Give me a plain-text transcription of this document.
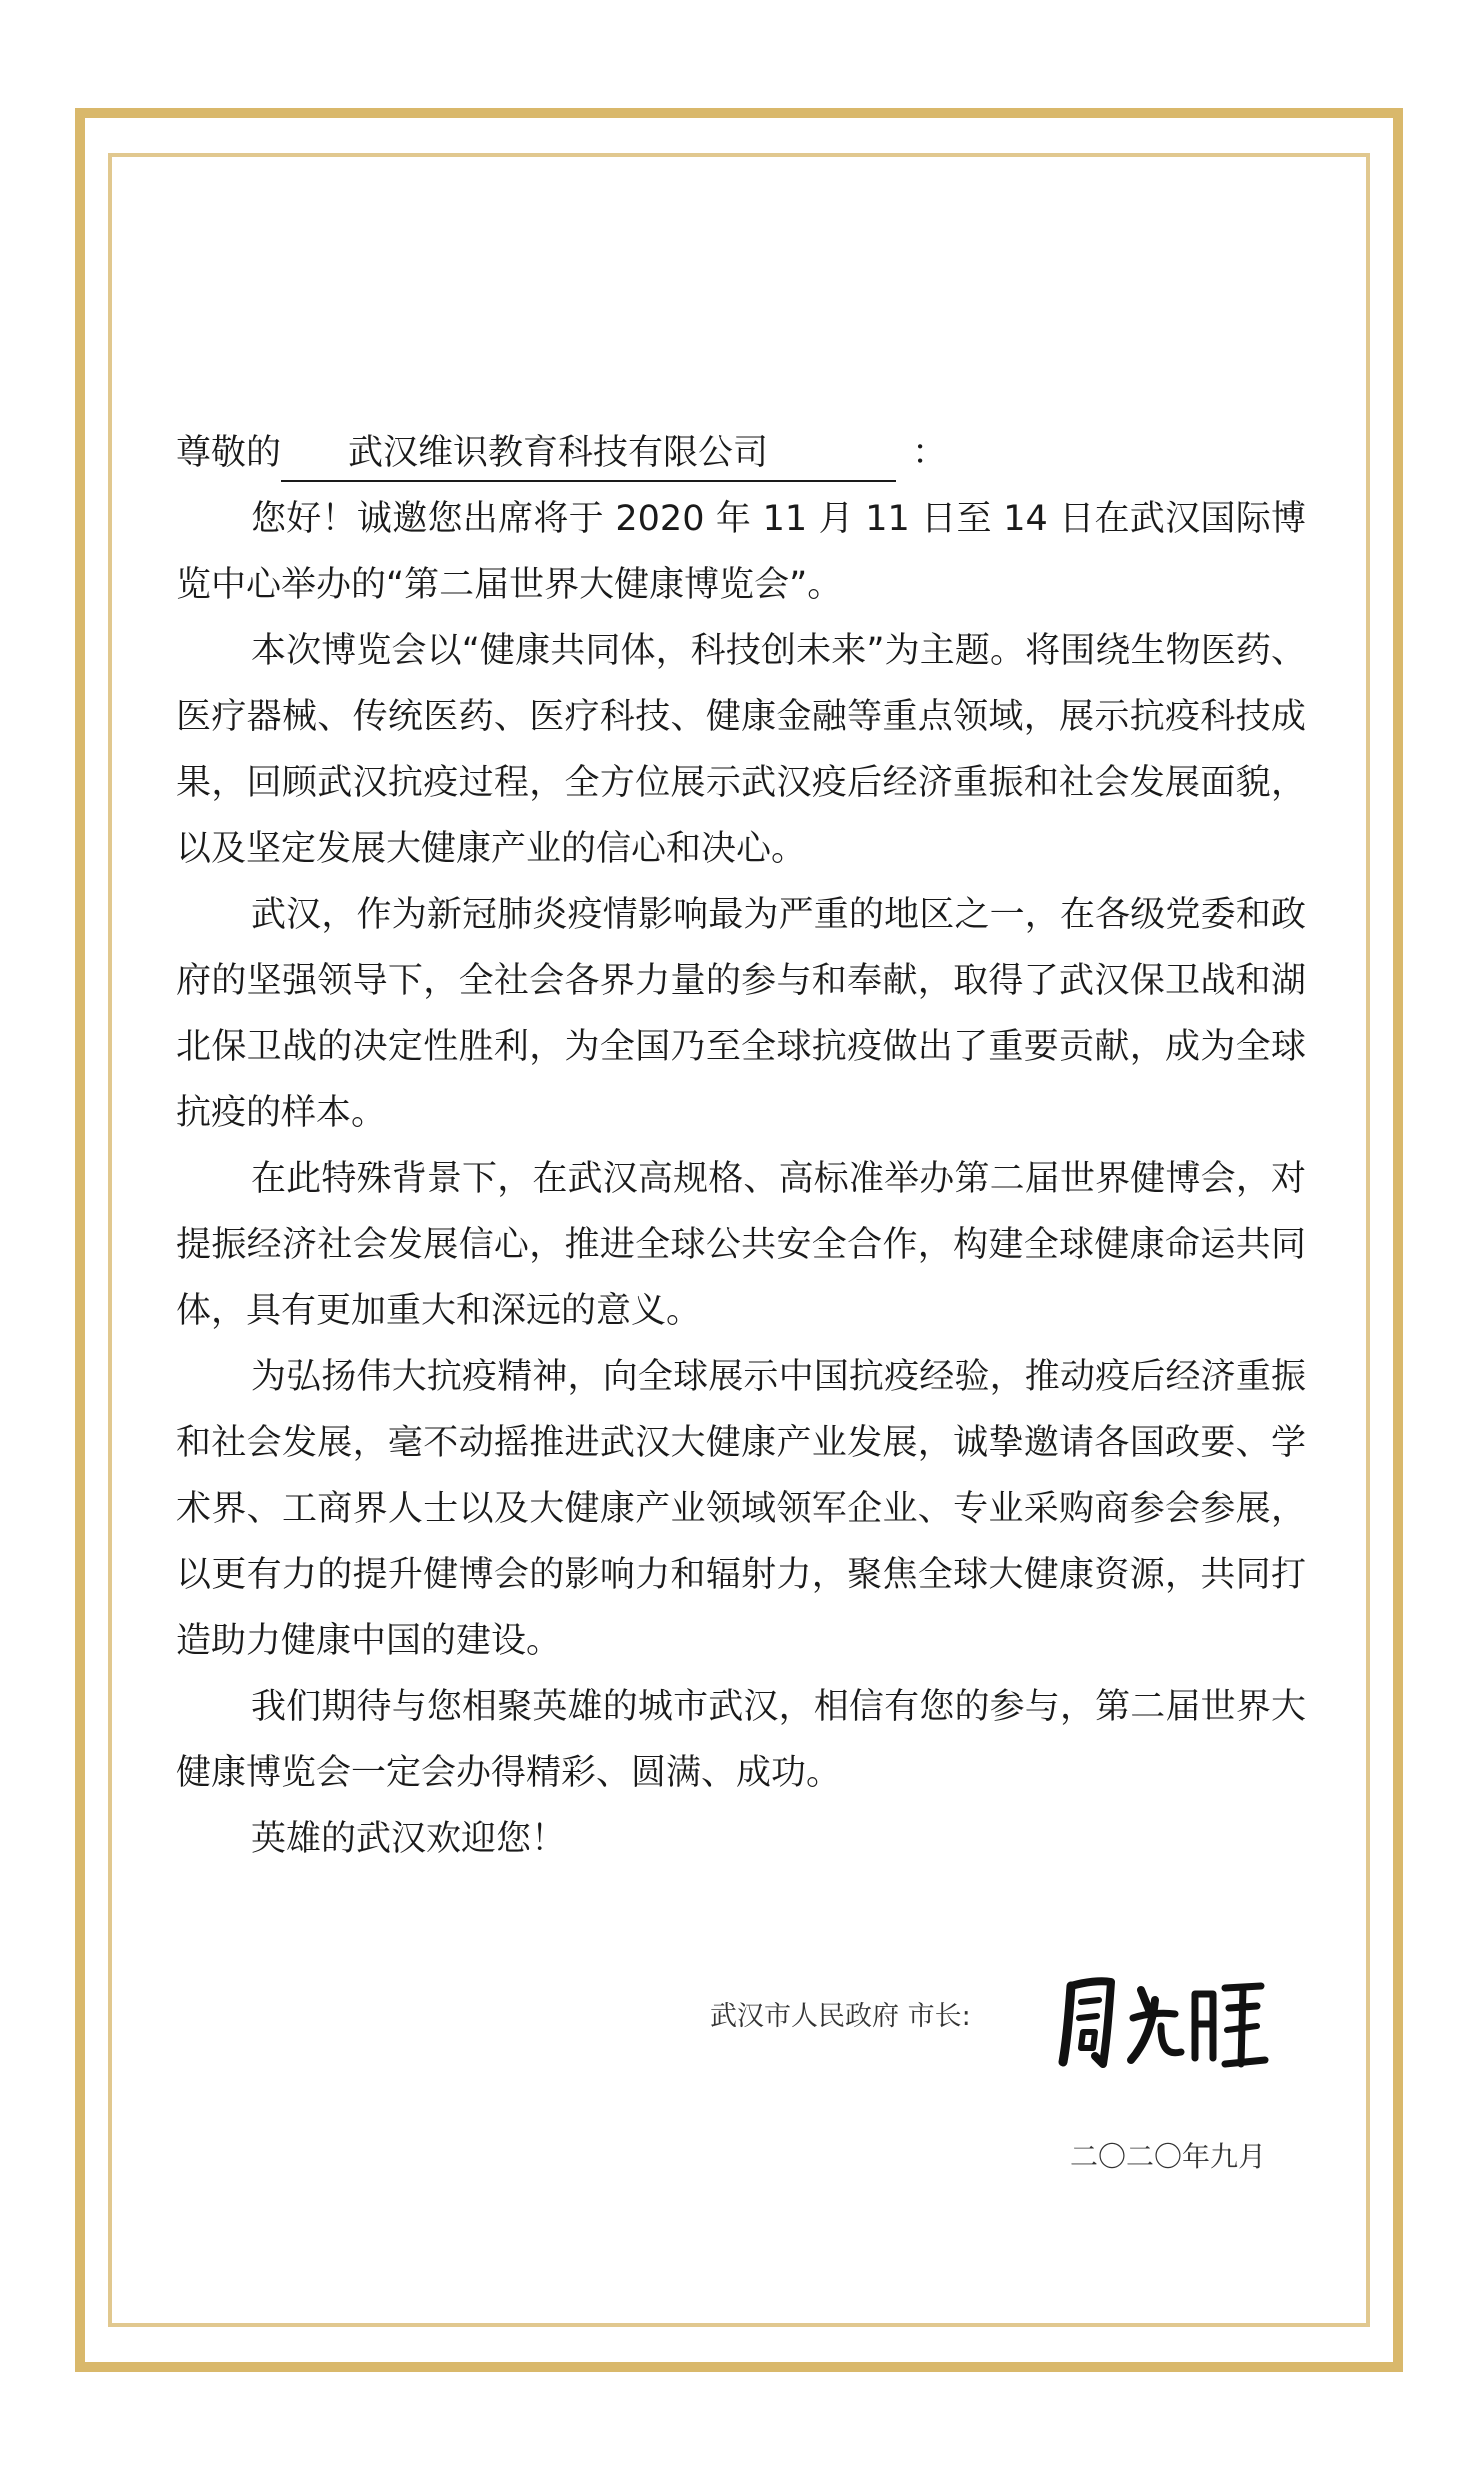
尊敬的 武汉维识教育科技有限公司	：

您好！诚邀您出席将于 2020 年 11 月 11 日至 14 日在武汉国际博览中心举办的“第二届世界大健康博览会”。

本次博览会以“健康共同体，科技创未来”为主题。将围绕生物医药、医疗器械、传统医药、医疗科技、健康金融等重点领域，展示抗疫科技成果，回顾武汉抗疫过程，全方位展示武汉疫后经济重振和社会发展面貌，以及坚定发展大健康产业的信心和决心。

武汉，作为新冠肺炎疫情影响最为严重的地区之一，在各级党委和政府的坚强领导下，全社会各界力量的参与和奉献，取得了武汉保卫战和湖北保卫战的决定性胜利，为全国乃至全球抗疫做出了重要贡献，成为全球抗疫的样本。

在此特殊背景下，在武汉高规格、高标准举办第二届世界健博会，对提振经济社会发展信心，推进全球公共安全合作，构建全球健康命运共同体，具有更加重大和深远的意义。

为弘扬伟大抗疫精神，向全球展示中国抗疫经验，推动疫后经济重振和社会发展，毫不动摇推进武汉大健康产业发展，诚挚邀请各国政要、学术界、工商界人士以及大健康产业领域领军企业、专业采购商参会参展，以更有力的提升健博会的影响力和辐射力，聚焦全球大健康资源，共同打造助力健康中国的建设。

我们期待与您相聚英雄的城市武汉，相信有您的参与，第二届世界大健康博览会一定会办得精彩、圆满、成功。

英雄的武汉欢迎您！

武汉市人民政府 市长:
二〇二〇年九月
